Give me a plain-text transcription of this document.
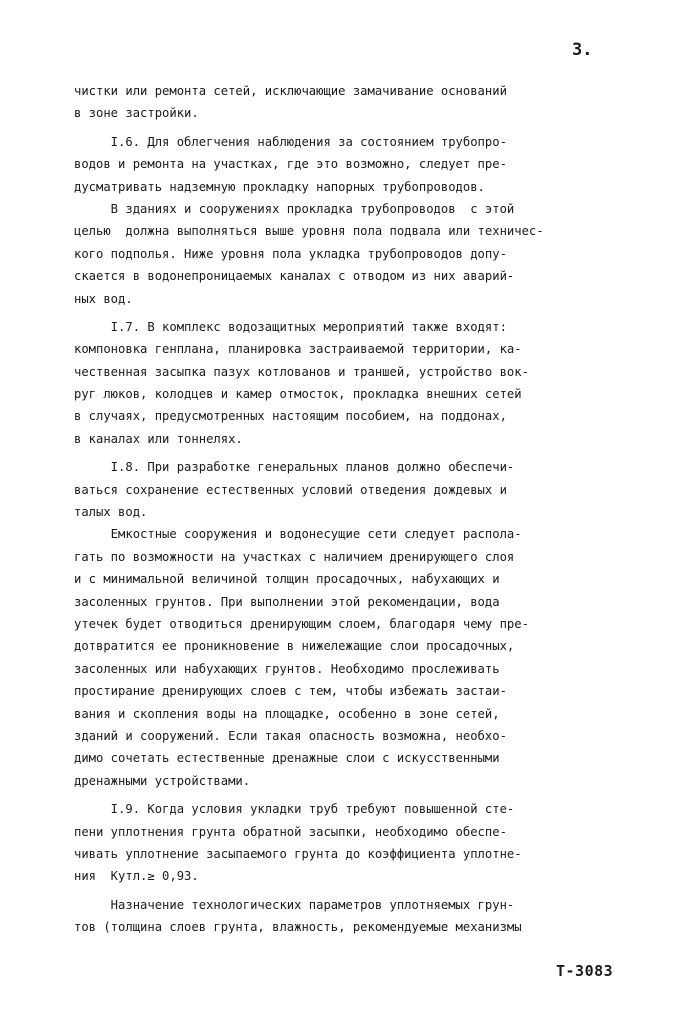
3.
чистки или ремонта сетей, исключающие замачивание оснований
в зоне застройки.
I.6. Для облегчения наблюдения за состоянием трубопро-
водов и ремонта на участках, где это возможно, следует пре-
дусматривать надземную прокладку напорных трубопроводов.
В зданиях и сооружениях прокладка трубопроводов  с этой
целью  должна выполняться выше уровня пола подвала или техничес-
кого подполья. Ниже уровня пола укладка трубопроводов допу-
скается в водонепроницаемых каналах с отводом из них аварий-
ных вод.
I.7. В комплекс водозащитных мероприятий также входят:
компоновка генплана, планировка застраиваемой территории, ка-
чественная засыпка пазух котлованов и траншей, устройство вок-
руг люков, колодцев и камер отмосток, прокладка внешних сетей
в случаях, предусмотренных настоящим пособием, на поддонах,
в каналах или тоннелях.
I.8. При разработке генеральных планов должно обеспечи-
ваться сохранение естественных условий отведения дождевых и
талых вод.
Емкостные сооружения и водонесущие сети следует распола-
гать по возможности на участках с наличием дренирующего слоя
и с минимальной величиной толщин просадочных, набухающих и
засоленных грунтов. При выполнении этой рекомендации, вода
утечек будет отводиться дренирующим слоем, благодаря чему пре-
дотвратится ее проникновение в нижележащие слои просадочных,
засоленных или набухающих грунтов. Необходимо прослеживать
простирание дренирующих слоев с тем, чтобы избежать застаи-
вания и скопления воды на площадке, особенно в зоне сетей,
зданий и сооружений. Если такая опасность возможна, необхо-
димо сочетать естественные дренажные слои с искусственными
дренажными устройствами.
I.9. Когда условия укладки труб требуют повышенной сте-
пени уплотнения грунта обратной засыпки, необходимо обеспе-
чивать уплотнение засыпаемого грунта до коэффициента уплотне-
ния  Кутл.≥ 0,93.
Назначение технологических параметров уплотняемых грун-
тов (толщина слоев грунта, влажность, рекомендуемые механизмы
Т-3083
